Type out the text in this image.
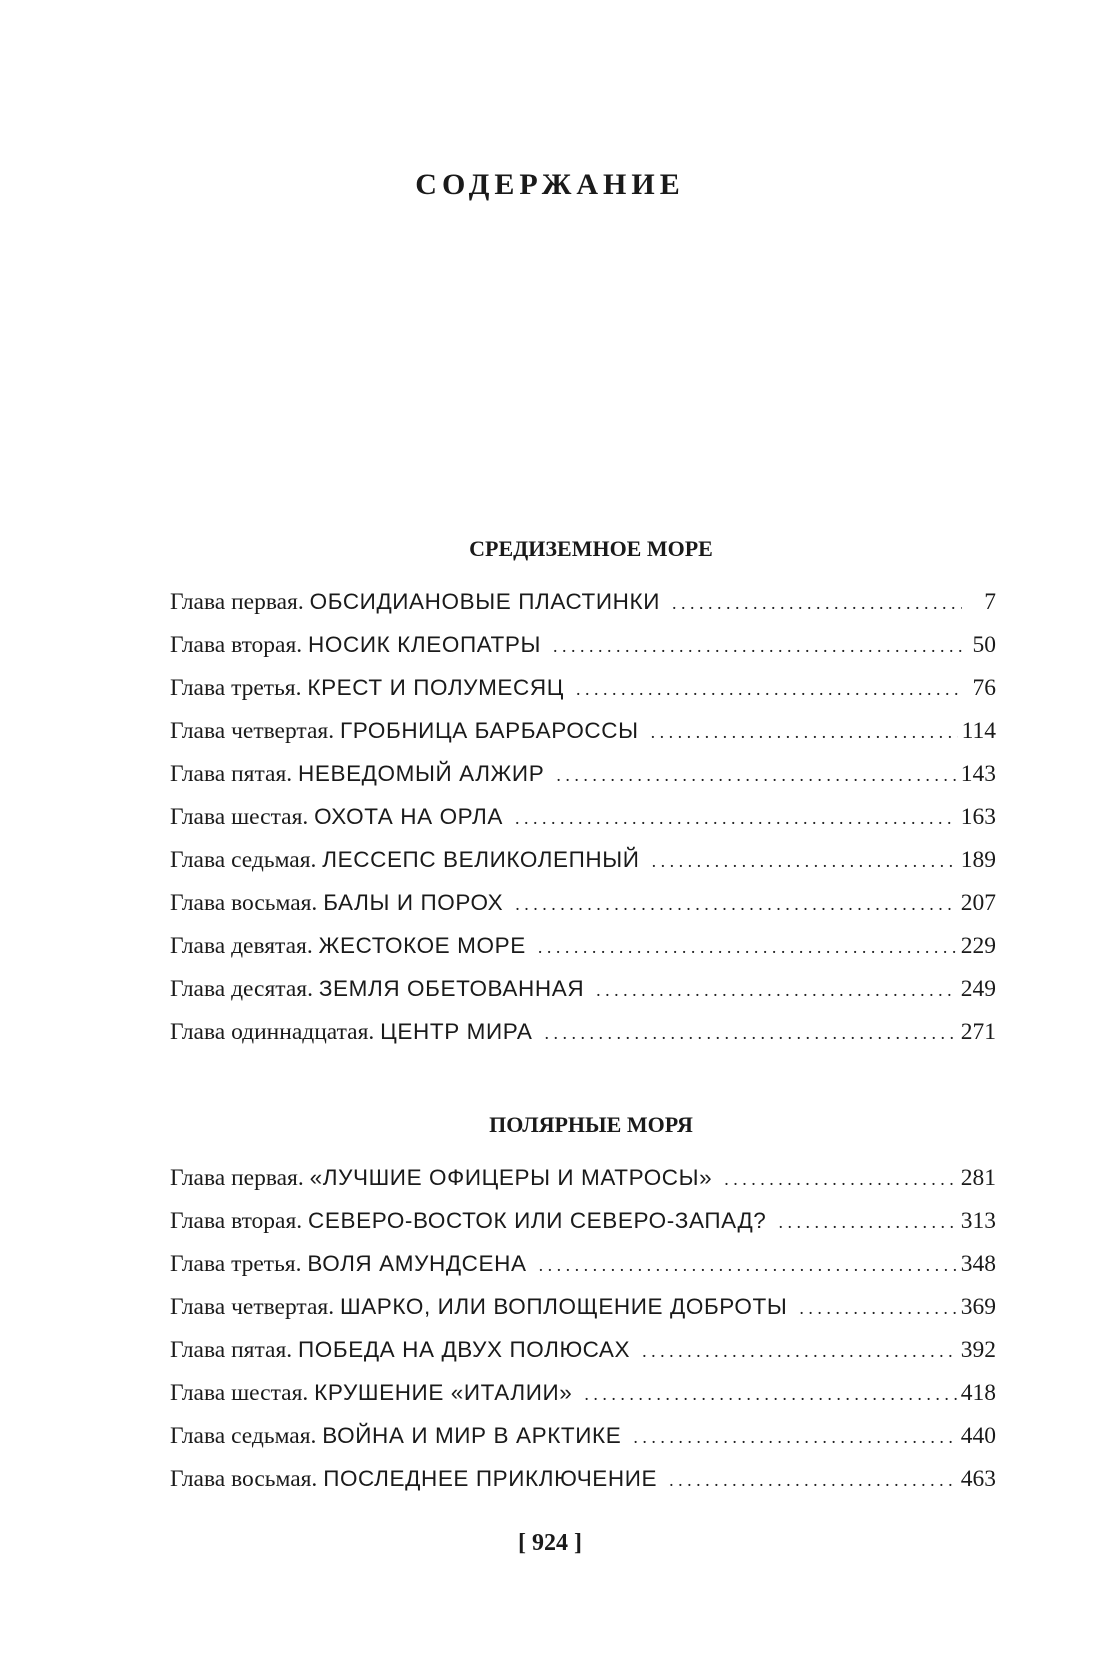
СОДЕРЖАНИЕ
СРЕДИЗЕМНОЕ МОРЕ
Глава первая. ОБСИДИАНОВЫЕ ПЛАСТИНКИ . . .	7
Глава вторая. НОСИК КЛЕОПАТРЫ . . .	50
Глава третья. КРЕСТ И ПОЛУМЕСЯЦ . . .	76
Глава четвертая. ГРОБНИЦА БАРБАРОССЫ . . .	114
Глава пятая. НЕВЕДОМЫЙ АЛЖИР . . .	143
Глава шестая. ОХОТА НА ОРЛА . . .	163
Глава седьмая. ЛЕССЕПС ВЕЛИКОЛЕПНЫЙ . . .	189
Глава восьмая. БАЛЫ И ПОРОХ . . .	207
Глава девятая. ЖЕСТОКОЕ МОРЕ . . .	229
Глава десятая. ЗЕМЛЯ ОБЕТОВАННАЯ . . .	249
Глава одиннадцатая. ЦЕНТР МИРА . . .	271
ПОЛЯРНЫЕ МОРЯ
Глава первая. «ЛУЧШИЕ ОФИЦЕРЫ И МАТРОСЫ» . . .	281
Глава вторая. СЕВЕРО-ВОСТОК ИЛИ СЕВЕРО-ЗАПАД? . . .	313
Глава третья. ВОЛЯ АМУНДСЕНА . . .	348
Глава четвертая. ШАРКО, ИЛИ ВОПЛОЩЕНИЕ ДОБРОТЫ . . .	369
Глава пятая. ПОБЕДА НА ДВУХ ПОЛЮСАХ . . .	392
Глава шестая. КРУШЕНИЕ «ИТАЛИИ» . . .	418
Глава седьмая. ВОЙНА И МИР В АРКТИКЕ . . .	440
Глава восьмая. ПОСЛЕДНЕЕ ПРИКЛЮЧЕНИЕ . . .	463
[ 924 ]
